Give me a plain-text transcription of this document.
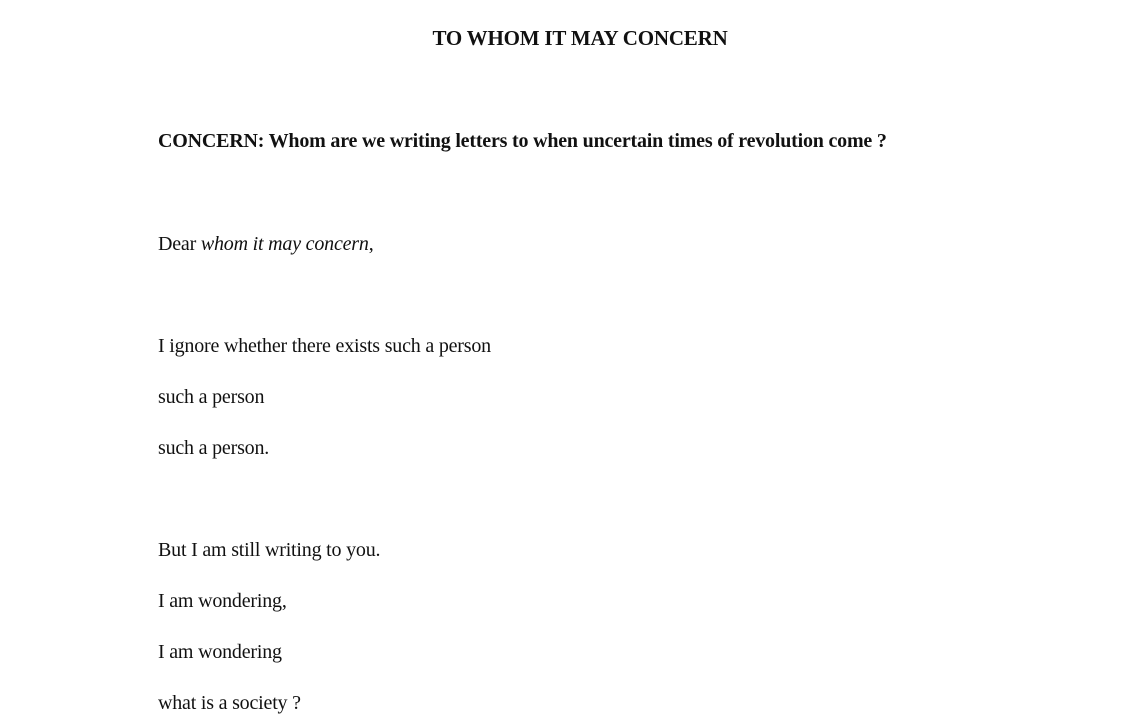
TO WHOM IT MAY CONCERN

CONCERN: Whom are we writing letters to when uncertain times of revolution come ?

Dear whom it may concern,

I ignore whether there exists such a person

such a person

such a person.

But I am still writing to you.

I am wondering,

I am wondering

what is a society ?
